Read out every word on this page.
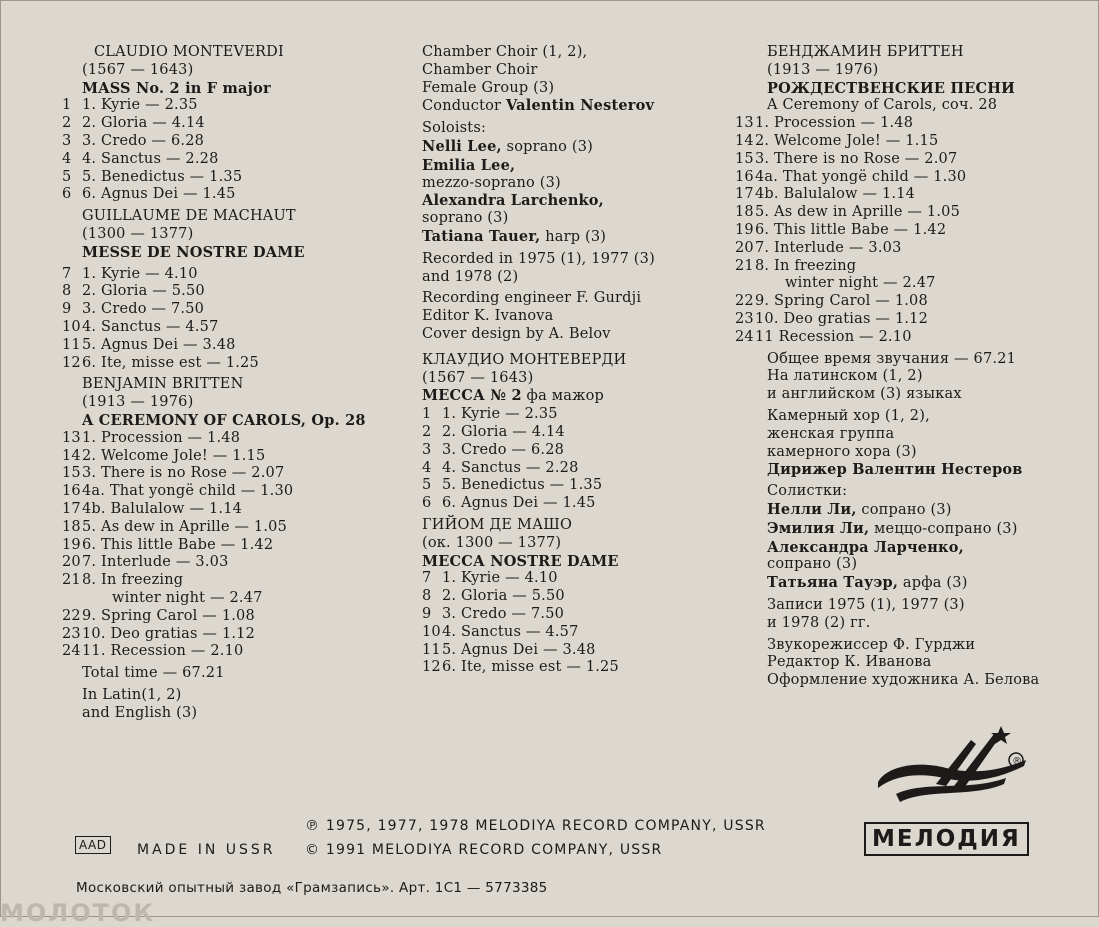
CLAUDIO MONTEVERDI
(1567 — 1643)
MASS No. 2 in F major
1 1. Kyrie — 2.35
2 2. Gloria — 4.14
3 3. Credo — 6.28
4 4. Sanctus — 2.28
5 5. Benedictus — 1.35
6 6. Agnus Dei — 1.45
GUILLAUME DE MACHAUT
(1300 — 1377)
MESSE DE NOSTRE DAME
7 1. Kyrie — 4.10
8 2. Gloria — 5.50
9 3. Credo — 7.50
104. Sanctus — 4.57
115. Agnus Dei — 3.48
126. Ite, misse est — 1.25
BENJAMIN BRITTEN
(1913 — 1976)
A CEREMONY OF CAROLS, Op. 28
131. Procession — 1.48
142. Welcome Jole! — 1.15
153. There is no Rose — 2.07
164a. That yongë child — 1.30
174b. Balulalow — 1.14
185. As dew in Aprille — 1.05
196. This little Babe — 1.42
207. Interlude — 3.03
218. In freezing
winter night — 2.47
229. Spring Carol — 1.08
2310. Deo gratias — 1.12
2411. Recession — 2.10
Total time — 67.21
In Latin(1, 2)
and English (3)
Chamber Choir (1, 2),
Chamber Choir
Female Group (3)
Conductor Valentin Nesterov
Soloists:
Nelli Lee, soprano (3)
Emilia Lee,
mezzo-soprano (3)
Alexandra Larchenko,
soprano (3)
Tatiana Tauer, harp (3)
Recorded in 1975 (1), 1977 (3)
and 1978 (2)
Recording engineer F. Gurdji
Editor K. Ivanova
Cover design by A. Belov
КЛАУДИО МОНТЕВЕРДИ
(1567 — 1643)
МЕССА № 2 фа мажор
1 1. Kyrie — 2.35
2 2. Gloria — 4.14
3 3. Credo — 6.28
4 4. Sanctus — 2.28
5 5. Benedictus — 1.35
6 6. Agnus Dei — 1.45
ГИЙОМ ДЕ МАШО
(ок. 1300 — 1377)
МЕССА NOSTRE DAME
7 1. Kyrie — 4.10
8 2. Gloria — 5.50
9 3. Credo — 7.50
104. Sanctus — 4.57
115. Agnus Dei — 3.48
126. Ite, misse est — 1.25
БЕНДЖАМИН БРИТТЕН
(1913 — 1976)
РОЖДЕСТВЕНСКИЕ ПЕСНИ
A Ceremony of Carols, соч. 28
131. Procession — 1.48
142. Welcome Jole! — 1.15
153. There is no Rose — 2.07
164a. That yongë child — 1.30
174b. Balulalow — 1.14
185. As dew in Aprille — 1.05
196. This little Babe — 1.42
207. Interlude — 3.03
218. In freezing
winter night — 2.47
229. Spring Carol — 1.08
2310. Deo gratias — 1.12
2411 Recession — 2.10
Общее время звучания — 67.21
На латинском (1, 2)
и английском (3) языках
Камерный хор (1, 2),
женская группа
камерного хора (3)
Дирижер Валентин Нестеров
Солистки:
Нелли Ли, сопрано (3)
Эмилия Ли, меццо-сопрано (3)
Александра Ларченко,
сопрано (3)
Татьяна Тауэр, арфа (3)
Записи 1975 (1), 1977 (3)
и 1978 (2) гг.
Звукорежиссер Ф. Гурджи
Редактор К. Иванова
Оформление художника А. Белова
®
МЕЛОДИЯ
AAD MADE IN USSR
℗ 1975, 1977, 1978 MELODIYA RECORD COMPANY, USSR
© 1991 MELODIYA RECORD COMPANY, USSR
Московский опытный завод «Грамзапись». Арт. 1С1 — 5773385
МОЛОТОК
